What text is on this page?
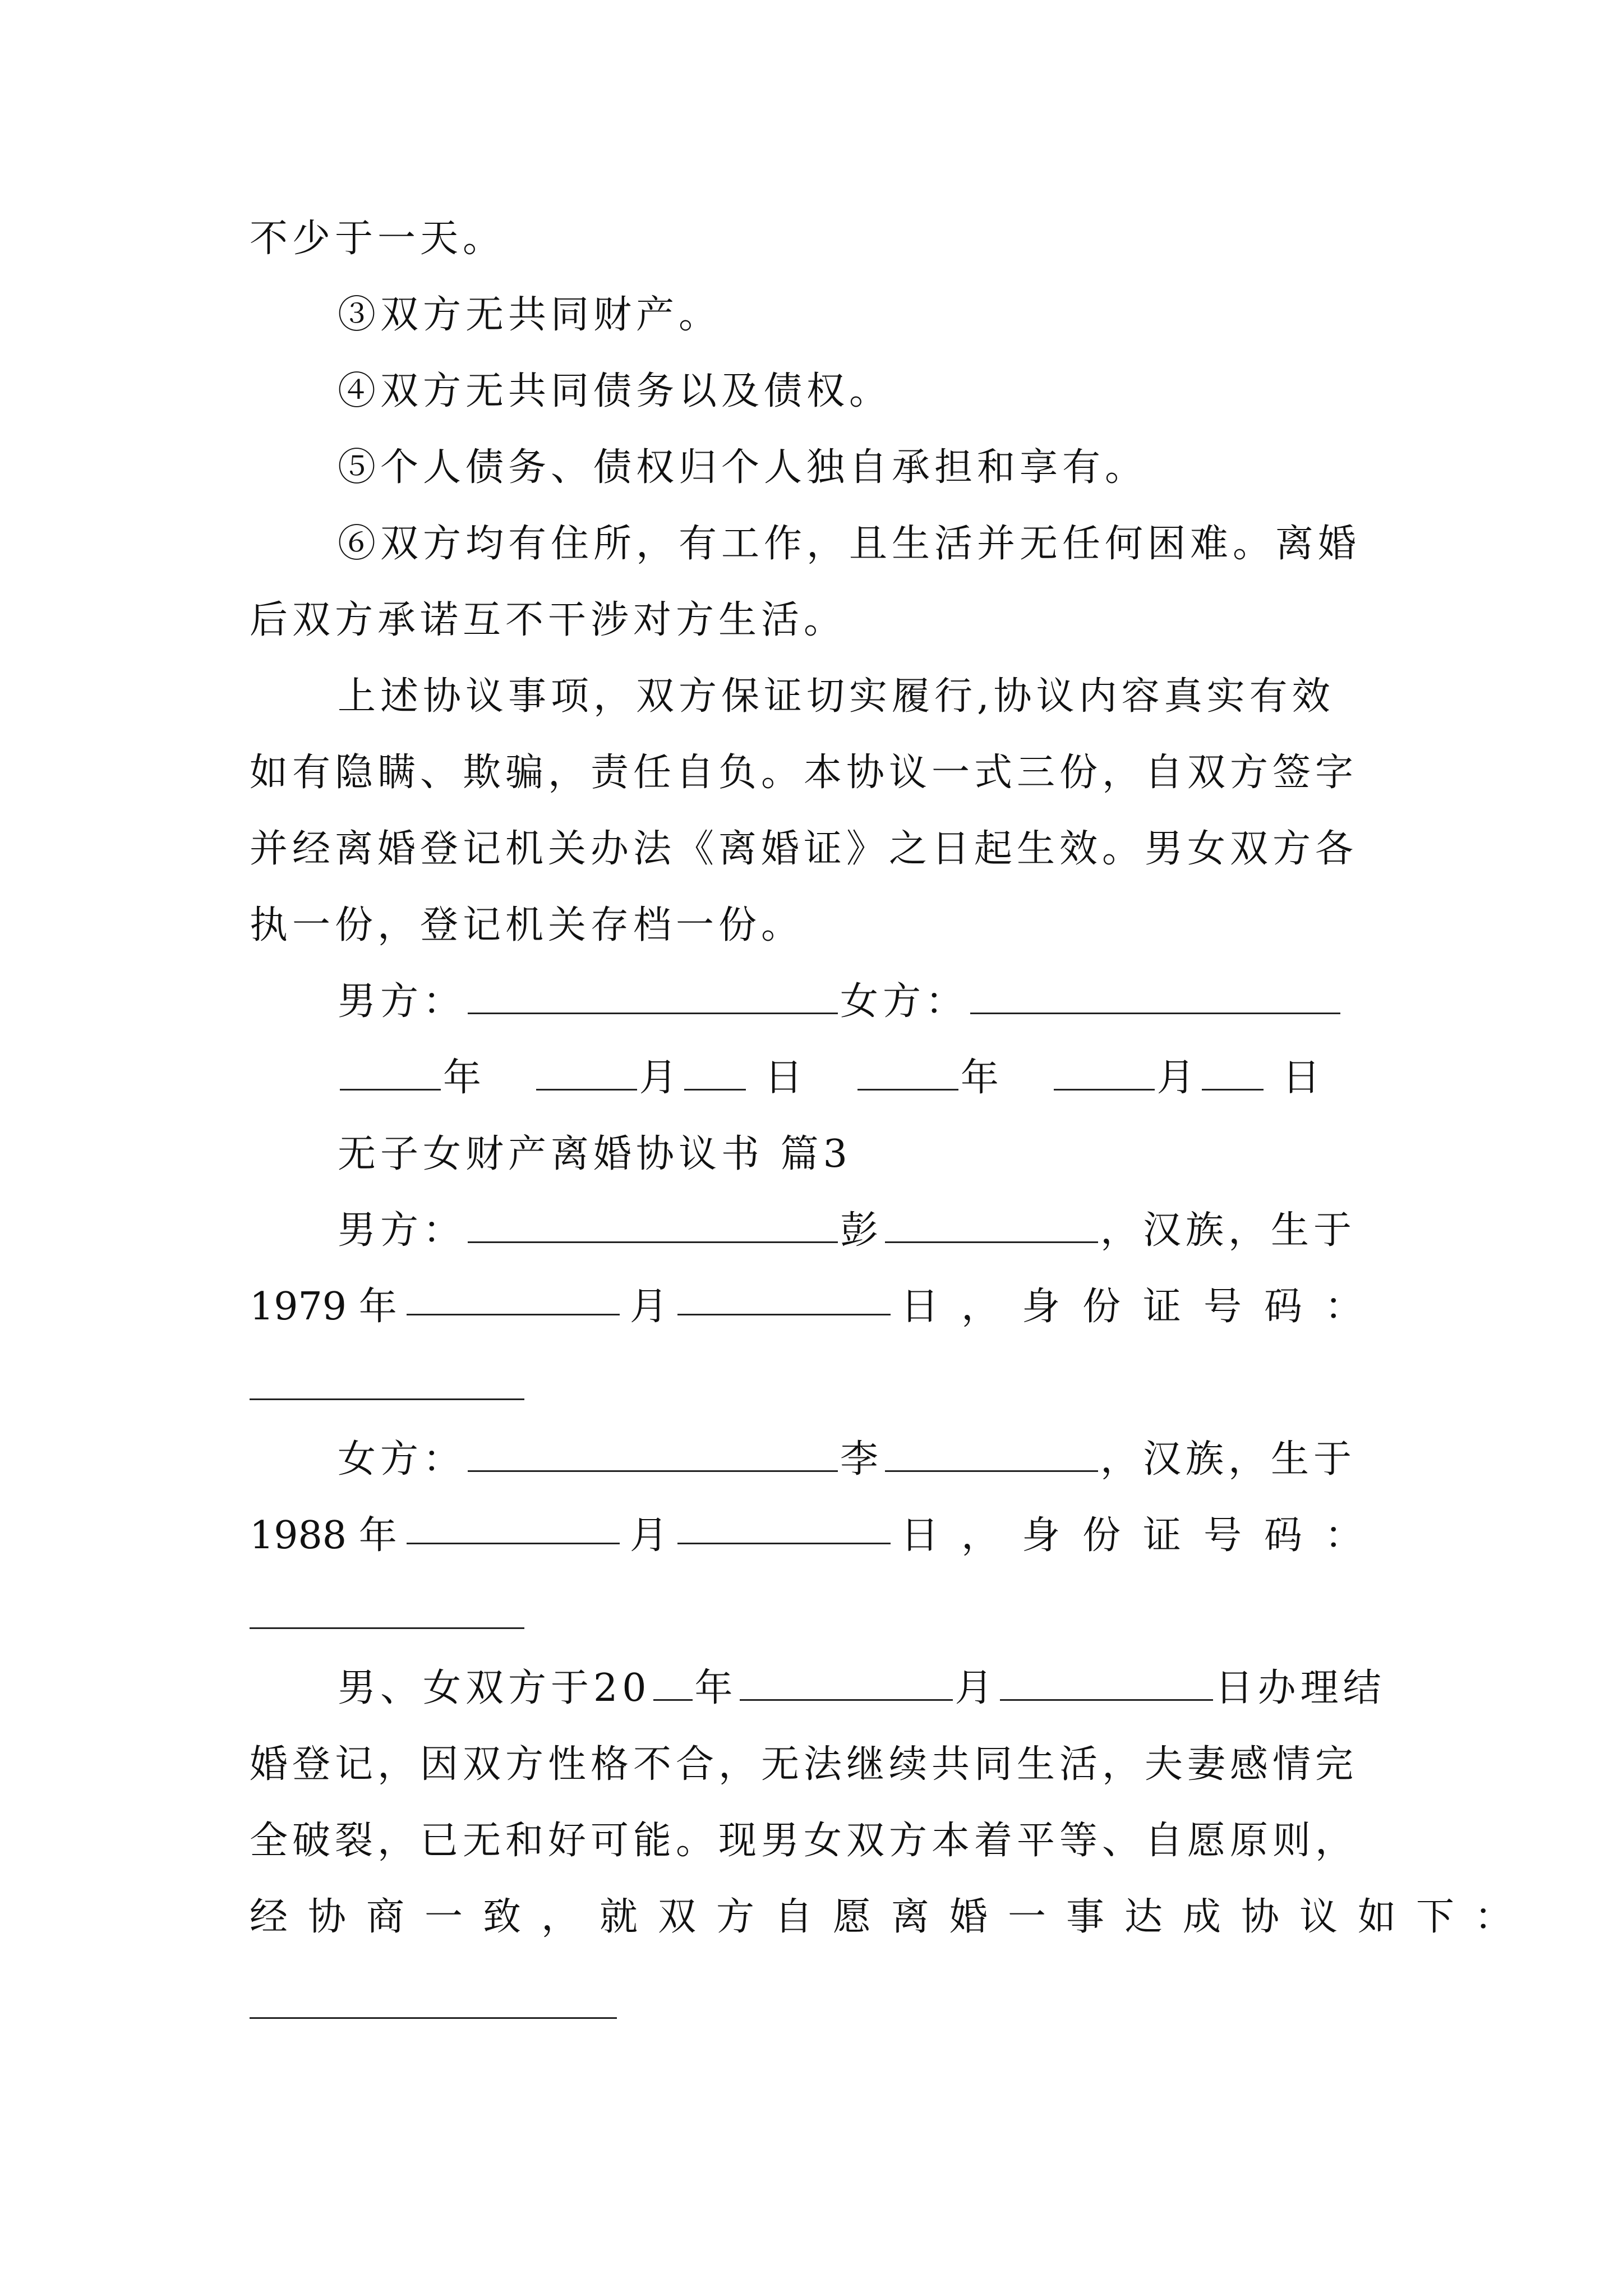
不少于一天。
③双方无共同财产。
④双方无共同债务以及债权。
⑤个人债务、债权归个人独自承担和享有。
⑥双方均有住所，有工作，且生活并无任何困难。离婚
后双方承诺互不干涉对方生活。
上述协议事项，双方保证切实履行,协议内容真实有效
如有隐瞒、欺骗，责任自负。本协议一式三份，自双方签字
并经离婚登记机关办法《离婚证》之日起生效。男女双方各
执一份，登记机关存档一份。
男方：	女方：
年	月 日	年	月 日
无子女财产离婚协议书 篇3
男方：	彭	，汉族，生于
1979 年	月	日，身份证号码：
女方：	李	，汉族，生于
1988 年	月	日，身份证号码：
男、女双方于20 年	月	日办理结
婚登记，因双方性格不合，无法继续共同生活，夫妻感情完
全破裂，已无和好可能。现男女双方本着平等、自愿原则，
经协商一致，就双方自愿离婚一事达成协议如下：
